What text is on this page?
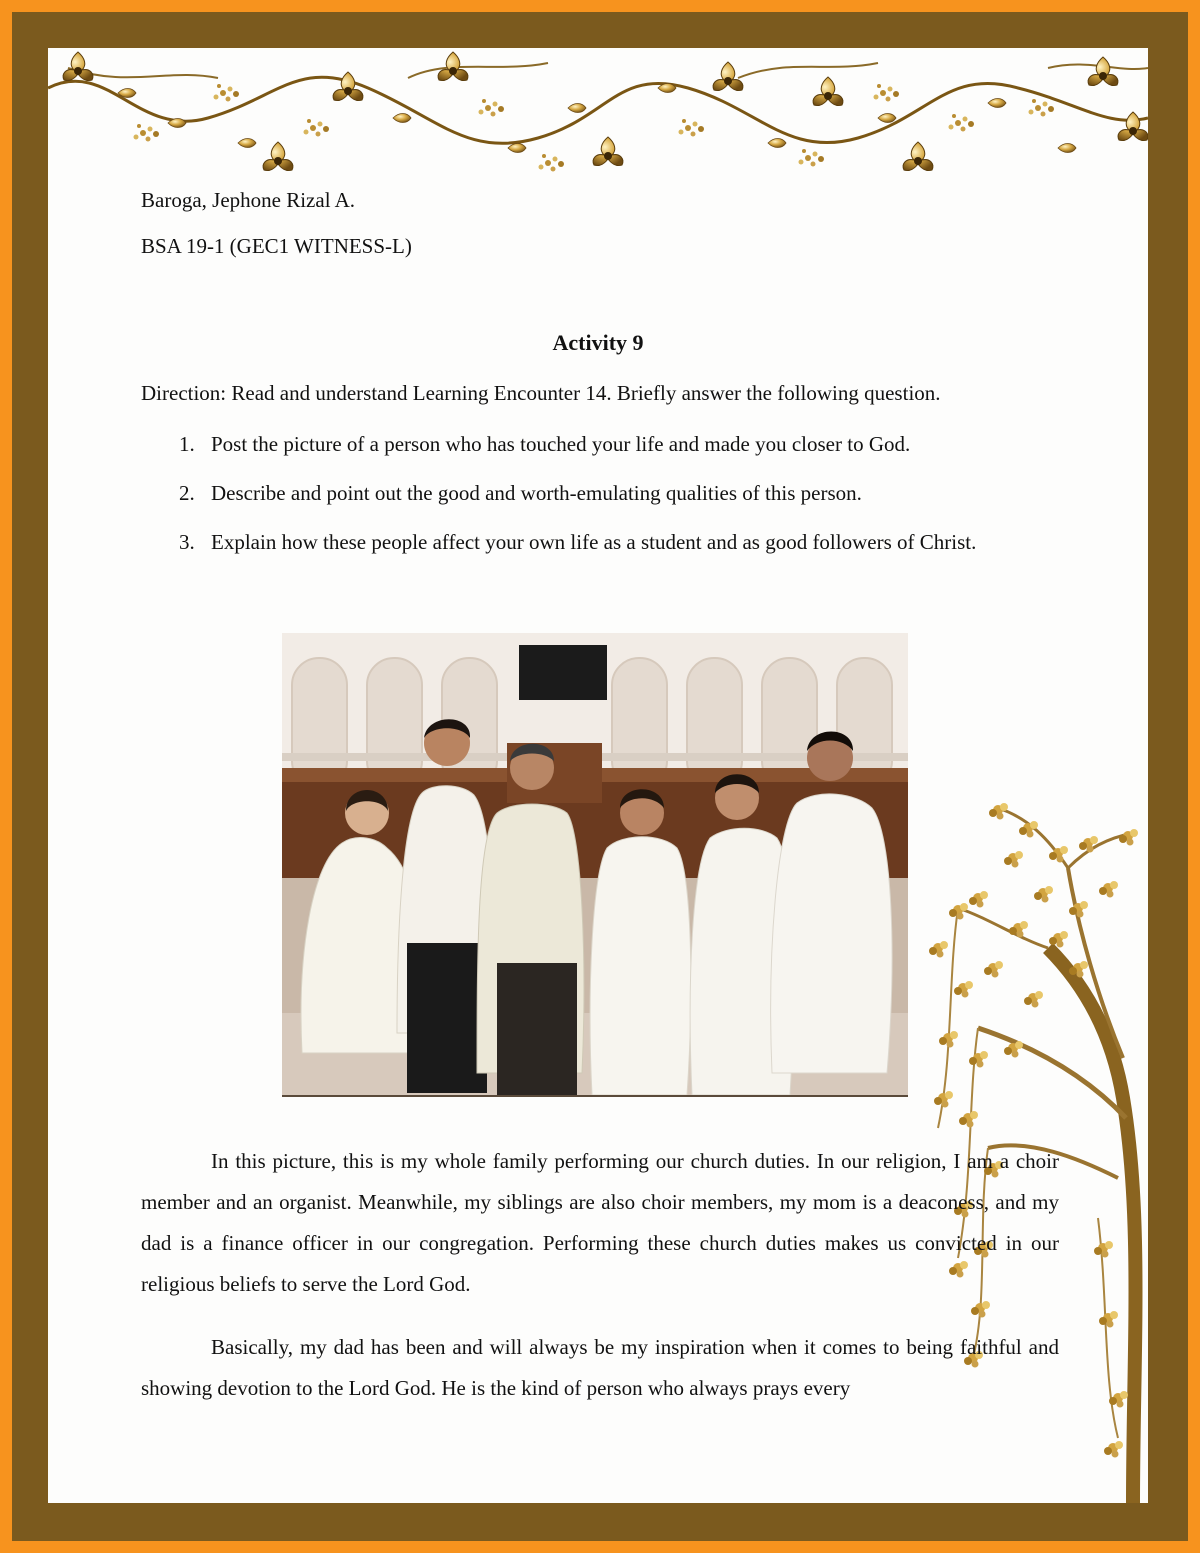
Baroga, Jephone Rizal A.
BSA 19-1 (GEC1 WITNESS-L)
Activity 9
Direction: Read and understand Learning Encounter 14. Briefly answer the following question.
1. Post the picture of a person who has touched your life and made you closer to God.
2. Describe and point out the good and worth-emulating qualities of this person.
3. Explain how these people affect your own life as a student and as good followers of Christ.

In this picture, this is my whole family performing our church duties. In our religion, I am a choir member and an organist. Meanwhile, my siblings are also choir members, my mom is a deaconess, and my dad is a finance officer in our congregation. Performing these church duties makes us convicted in our religious beliefs to serve the Lord God.

Basically, my dad has been and will always be my inspiration when it comes to being faithful and showing devotion to the Lord God. He is the kind of person who always prays every
